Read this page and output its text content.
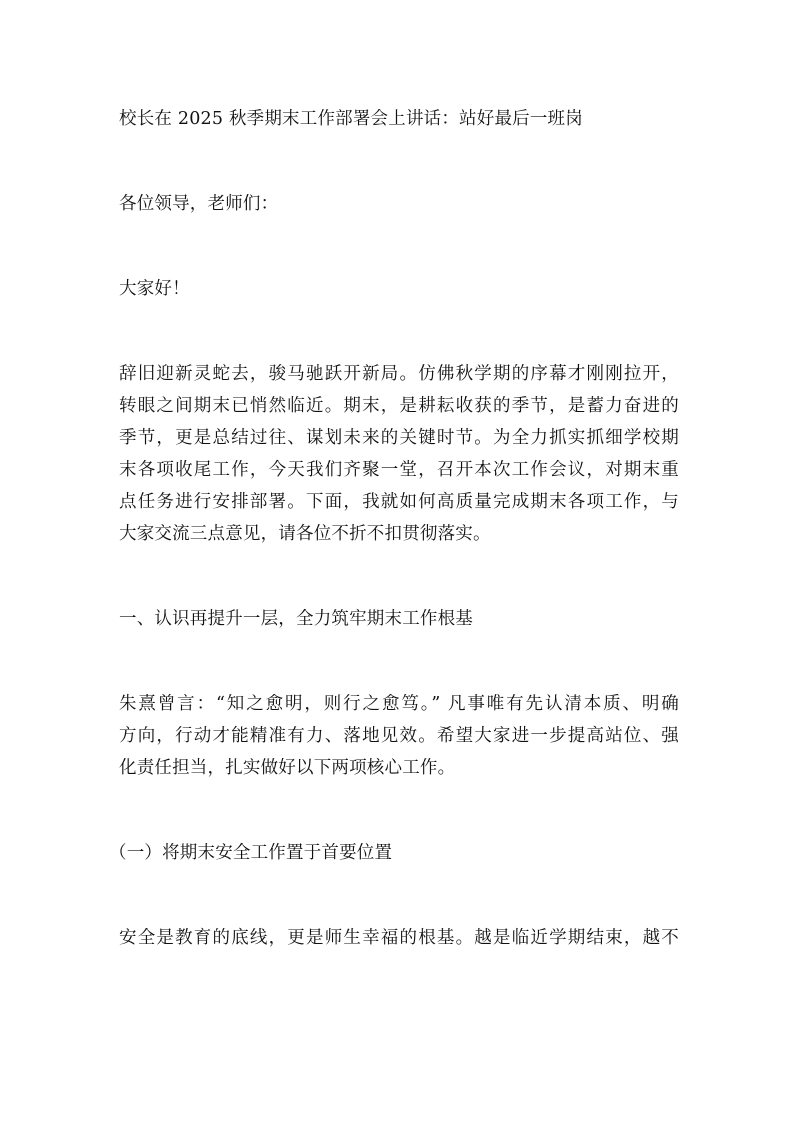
校长在 2025 秋季期末工作部署会上讲话：站好最后一班岗

各位领导，老师们：

大家好！

辞旧迎新灵蛇去，骏马驰跃开新局。仿佛秋学期的序幕才刚刚拉开，
转眼之间期末已悄然临近。期末，是耕耘收获的季节，是蓄力奋进的
季节，更是总结过往、谋划未来的关键时节。为全力抓实抓细学校期
末各项收尾工作，今天我们齐聚一堂，召开本次工作会议，对期末重
点任务进行安排部署。下面，我就如何高质量完成期末各项工作，与
大家交流三点意见，请各位不折不扣贯彻落实。

一、认识再提升一层，全力筑牢期末工作根基

朱熹曾言：“知之愈明，则行之愈笃。” 凡事唯有先认清本质、明确
方向，行动才能精准有力、落地见效。希望大家进一步提高站位、强
化责任担当，扎实做好以下两项核心工作。

（一）将期末安全工作置于首要位置

安全是教育的底线，更是师生幸福的根基。越是临近学期结束，越不
